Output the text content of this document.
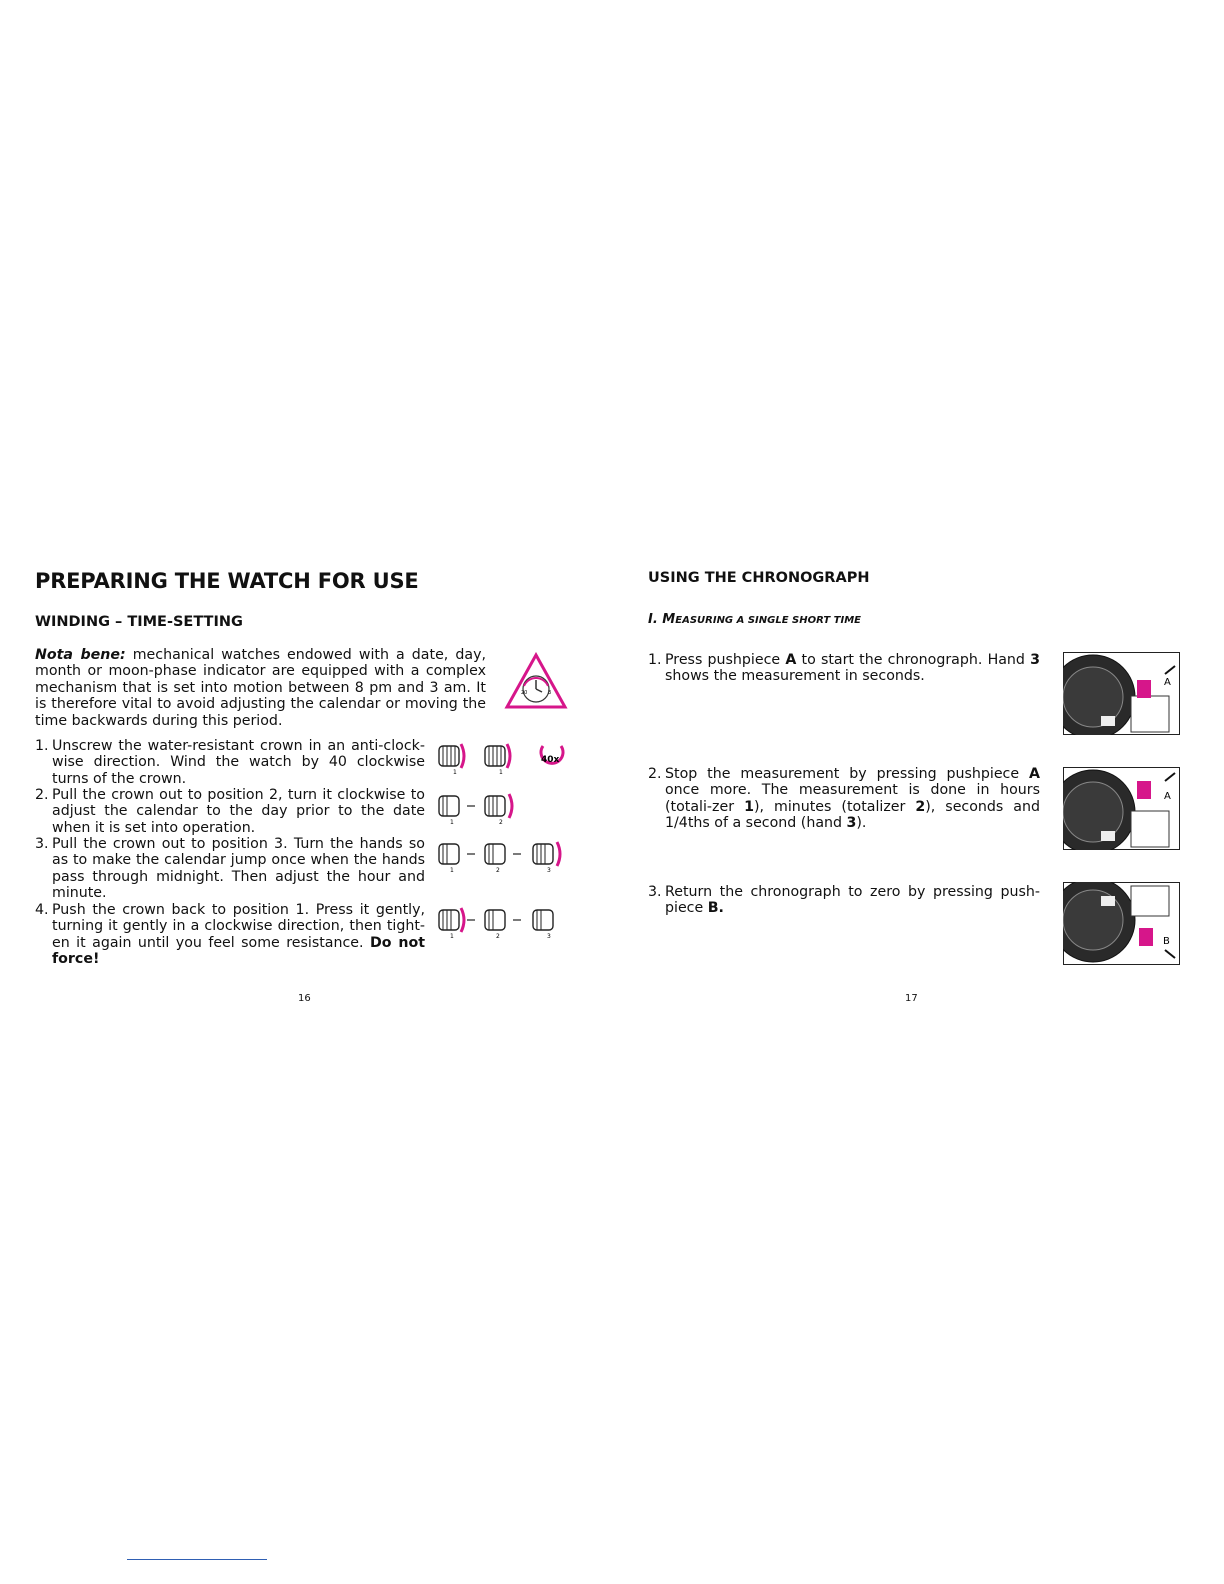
PREPARING THE WATCH FOR USE
WINDING – TIME-SETTING
Nota bene: mechanical watches endowed with a date, day, month or moon-phase indicator are equipped with a complex mechanism that is set into motion between 8 pm and 3 am. It is therefore vital to avoid adjusting the calendar or moving the time backwards during this period.
20	3
1. Unscrew the water-resistant crown in an anti-clock-wise direction. Wind the watch by 40 clockwise turns of the crown.
2. Pull the crown out to position 2, turn it clockwise to adjust the calendar to the day prior to the date when it is set into operation.
3. Pull the crown out to position 3. Turn the hands so as to make the calendar jump once when the hands pass through midnight. Then adjust the hour and minute.
4. Push the crown back to position 1. Press it gently, turning it gently in a clockwise direction, then tight-en it again until you feel some resistance. Do not force!
1	1
40x
1	2
1	2	3
1	2	3
16
USING THE CHRONOGRAPH
I. MEASURING A SINGLE SHORT TIME
1. Press pushpiece A to start the chronograph. Hand 3 shows the measurement in seconds.
2. Stop the measurement by pressing pushpiece A once more. The measurement is done in hours (totali-zer 1), minutes (totalizer 2), seconds and 1/4ths of a second (hand 3).
3. Return the chronograph to zero by pressing push-piece B.
A
A
B
17
